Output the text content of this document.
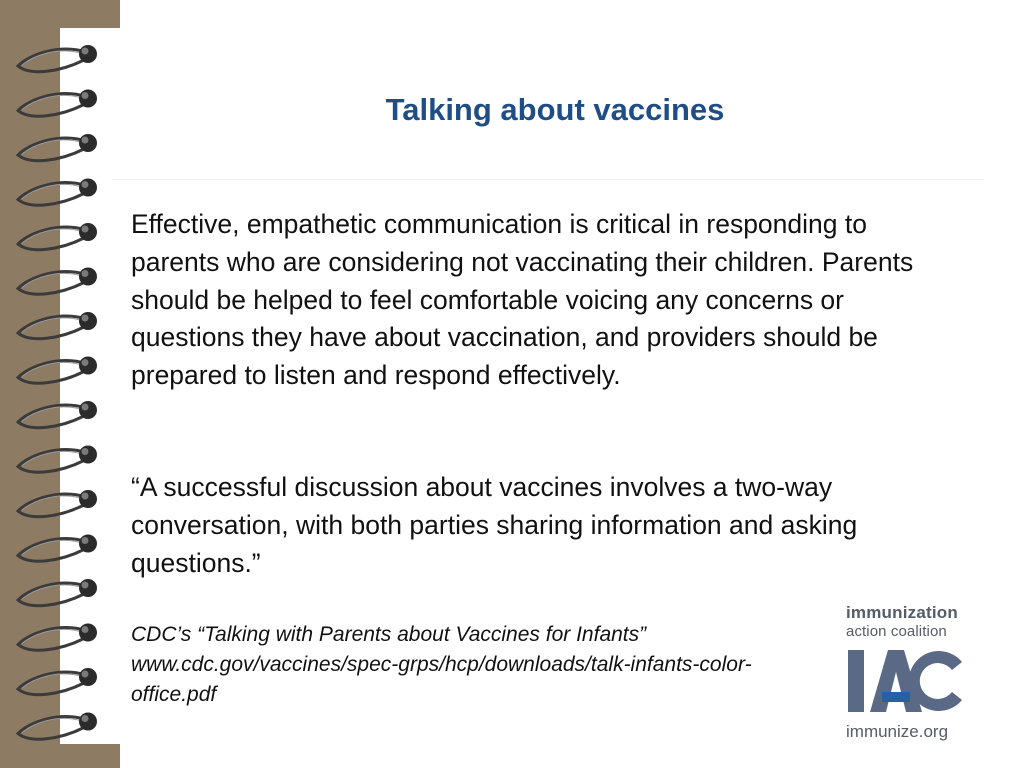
Talking about vaccines

Effective, empathetic communication is critical in responding to parents who are considering not vaccinating their children. Parents should be helped to feel comfortable voicing any concerns or questions they have about vaccination, and providers should be prepared to listen and respond effectively.

“A successful discussion about vaccines involves a two-way conversation, with both parties sharing information and asking questions.”

CDC’s “Talking with Parents about Vaccines for Infants”
www.cdc.gov/vaccines/spec-grps/hcp/downloads/talk-infants-color-office.pdf

immunization
action coalition
IAC
immunize.org
